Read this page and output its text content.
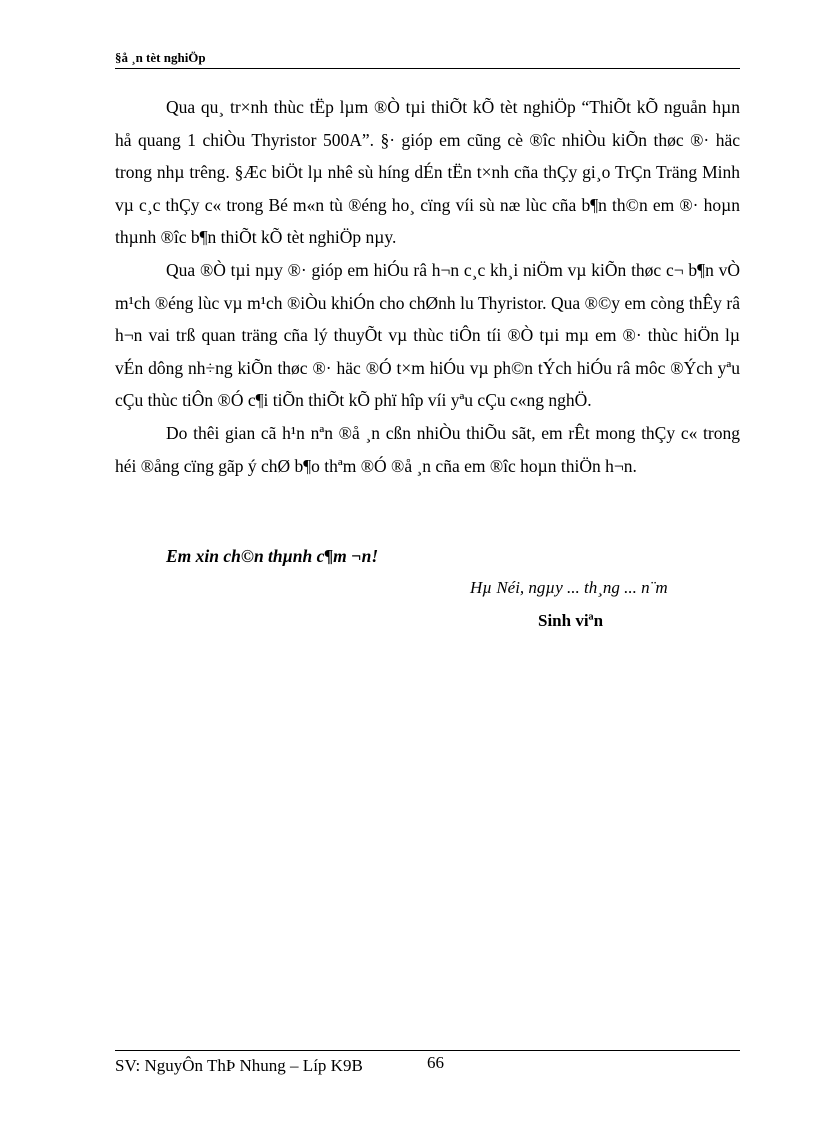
§å ¸n tèt nghiÖp

Qua qu¸ tr×nh thùc tËp lµm ®Ò tµi thiÕt kÕ tèt nghiÖp “ThiÕt kÕ nguån hµn hå quang 1 chiÒu Thyristor 500A”. §· gióp em cũng cè ®îc nhiÒu kiÕn thøc ®· häc trong nhµ trêng. §Æc biÖt lµ nhê sù híng dÉn tËn t×nh cña thÇy gi¸o TrÇn Träng Minh vµ c¸c thÇy c« trong Bé m«n tù ®éng ho¸ cïng víi sù næ lùc cña b¶n th©n em ®· hoµn thµnh ®îc b¶n thiÕt kÕ tèt nghiÖp nµy.

Qua ®Ò tµi nµy ®· gióp em hiÓu râ h¬n c¸c kh¸i niÖm vµ kiÕn thøc c¬ b¶n vÒ m¹ch ®éng lùc vµ m¹ch ®iÒu khiÓn cho chØnh lu Thyristor. Qua ®©y em còng thÊy râ h¬n vai trß quan träng cña lý thuyÕt vµ thùc tiÔn tíi ®Ò tµi mµ em ®· thùc hiÖn lµ vÉn dông nh÷ng kiÕn thøc ®· häc ®Ó t×m hiÓu vµ ph©n tÝch hiÓu râ môc ®Ých yªu cÇu thùc tiÔn ®Ó c¶i tiÕn thiÕt kÕ phï hîp víi yªu cÇu c«ng nghÖ.

Do thêi gian cã h¹n nªn ®å ¸n cßn nhiÒu thiÕu sãt, em rÊt mong thÇy c« trong héi ®ång cïng gãp ý chØ b¶o thªm ®Ó ®å ¸n cña em ®îc hoµn thiÖn h¬n.

Em xin ch©n thµnh c¶m ¬n!
Hµ Néi, ngµy ... th¸ng ... n¨m
Sinh viªn
SV: NguyÔn ThÞ Nhung – Líp K9B	66
